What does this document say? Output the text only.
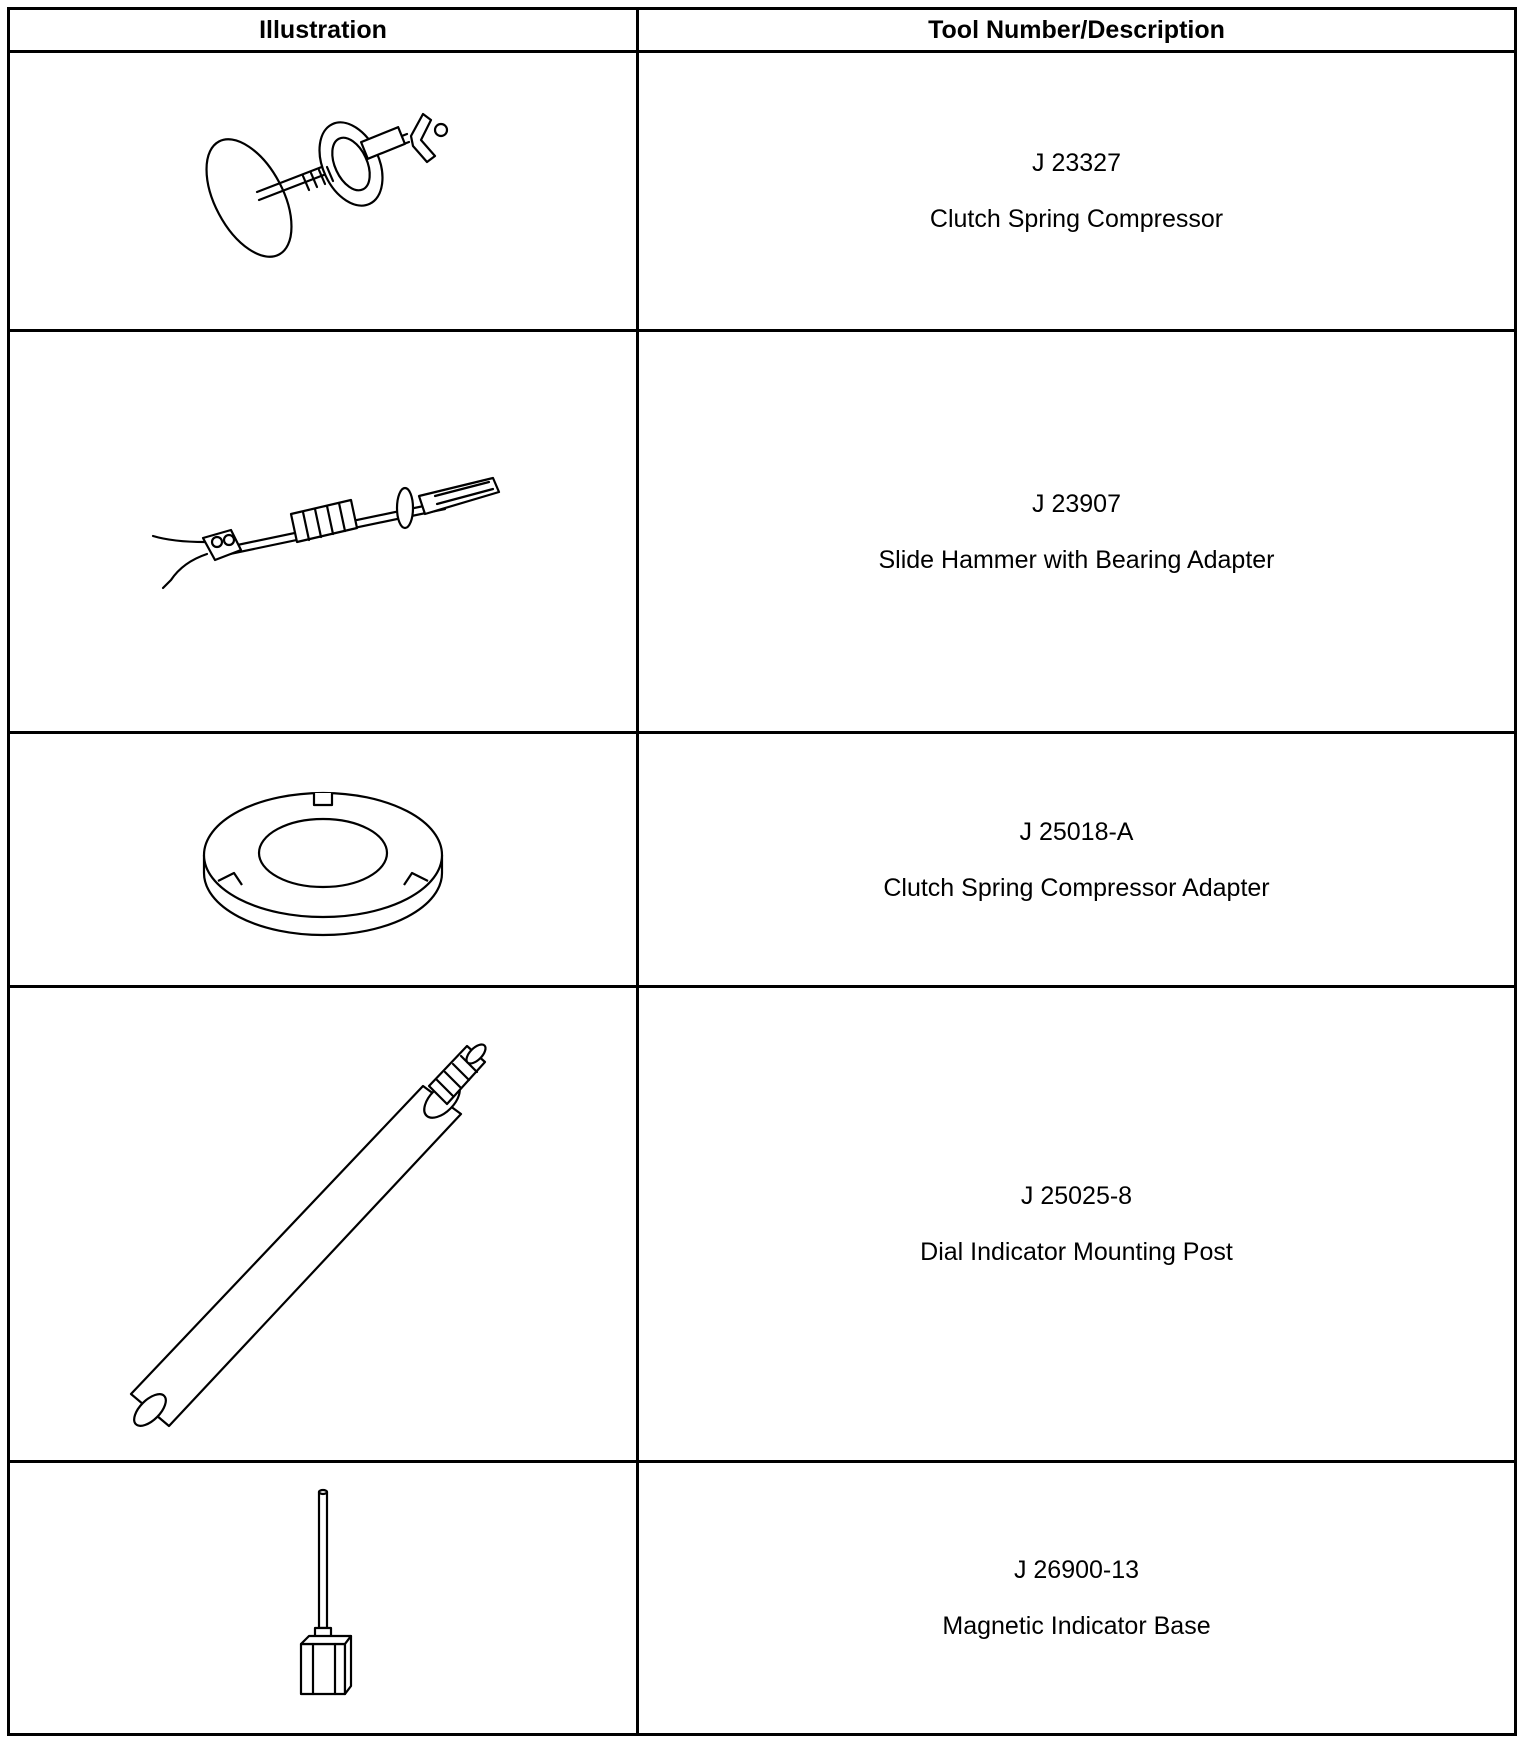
Illustration	Tool Number/Description

J 23327
Clutch Spring Compressor

J 23907
Slide Hammer with Bearing Adapter

J 25018-A
Clutch Spring Compressor Adapter

J 25025-8
Dial Indicator Mounting Post

J 26900-13
Magnetic Indicator Base
